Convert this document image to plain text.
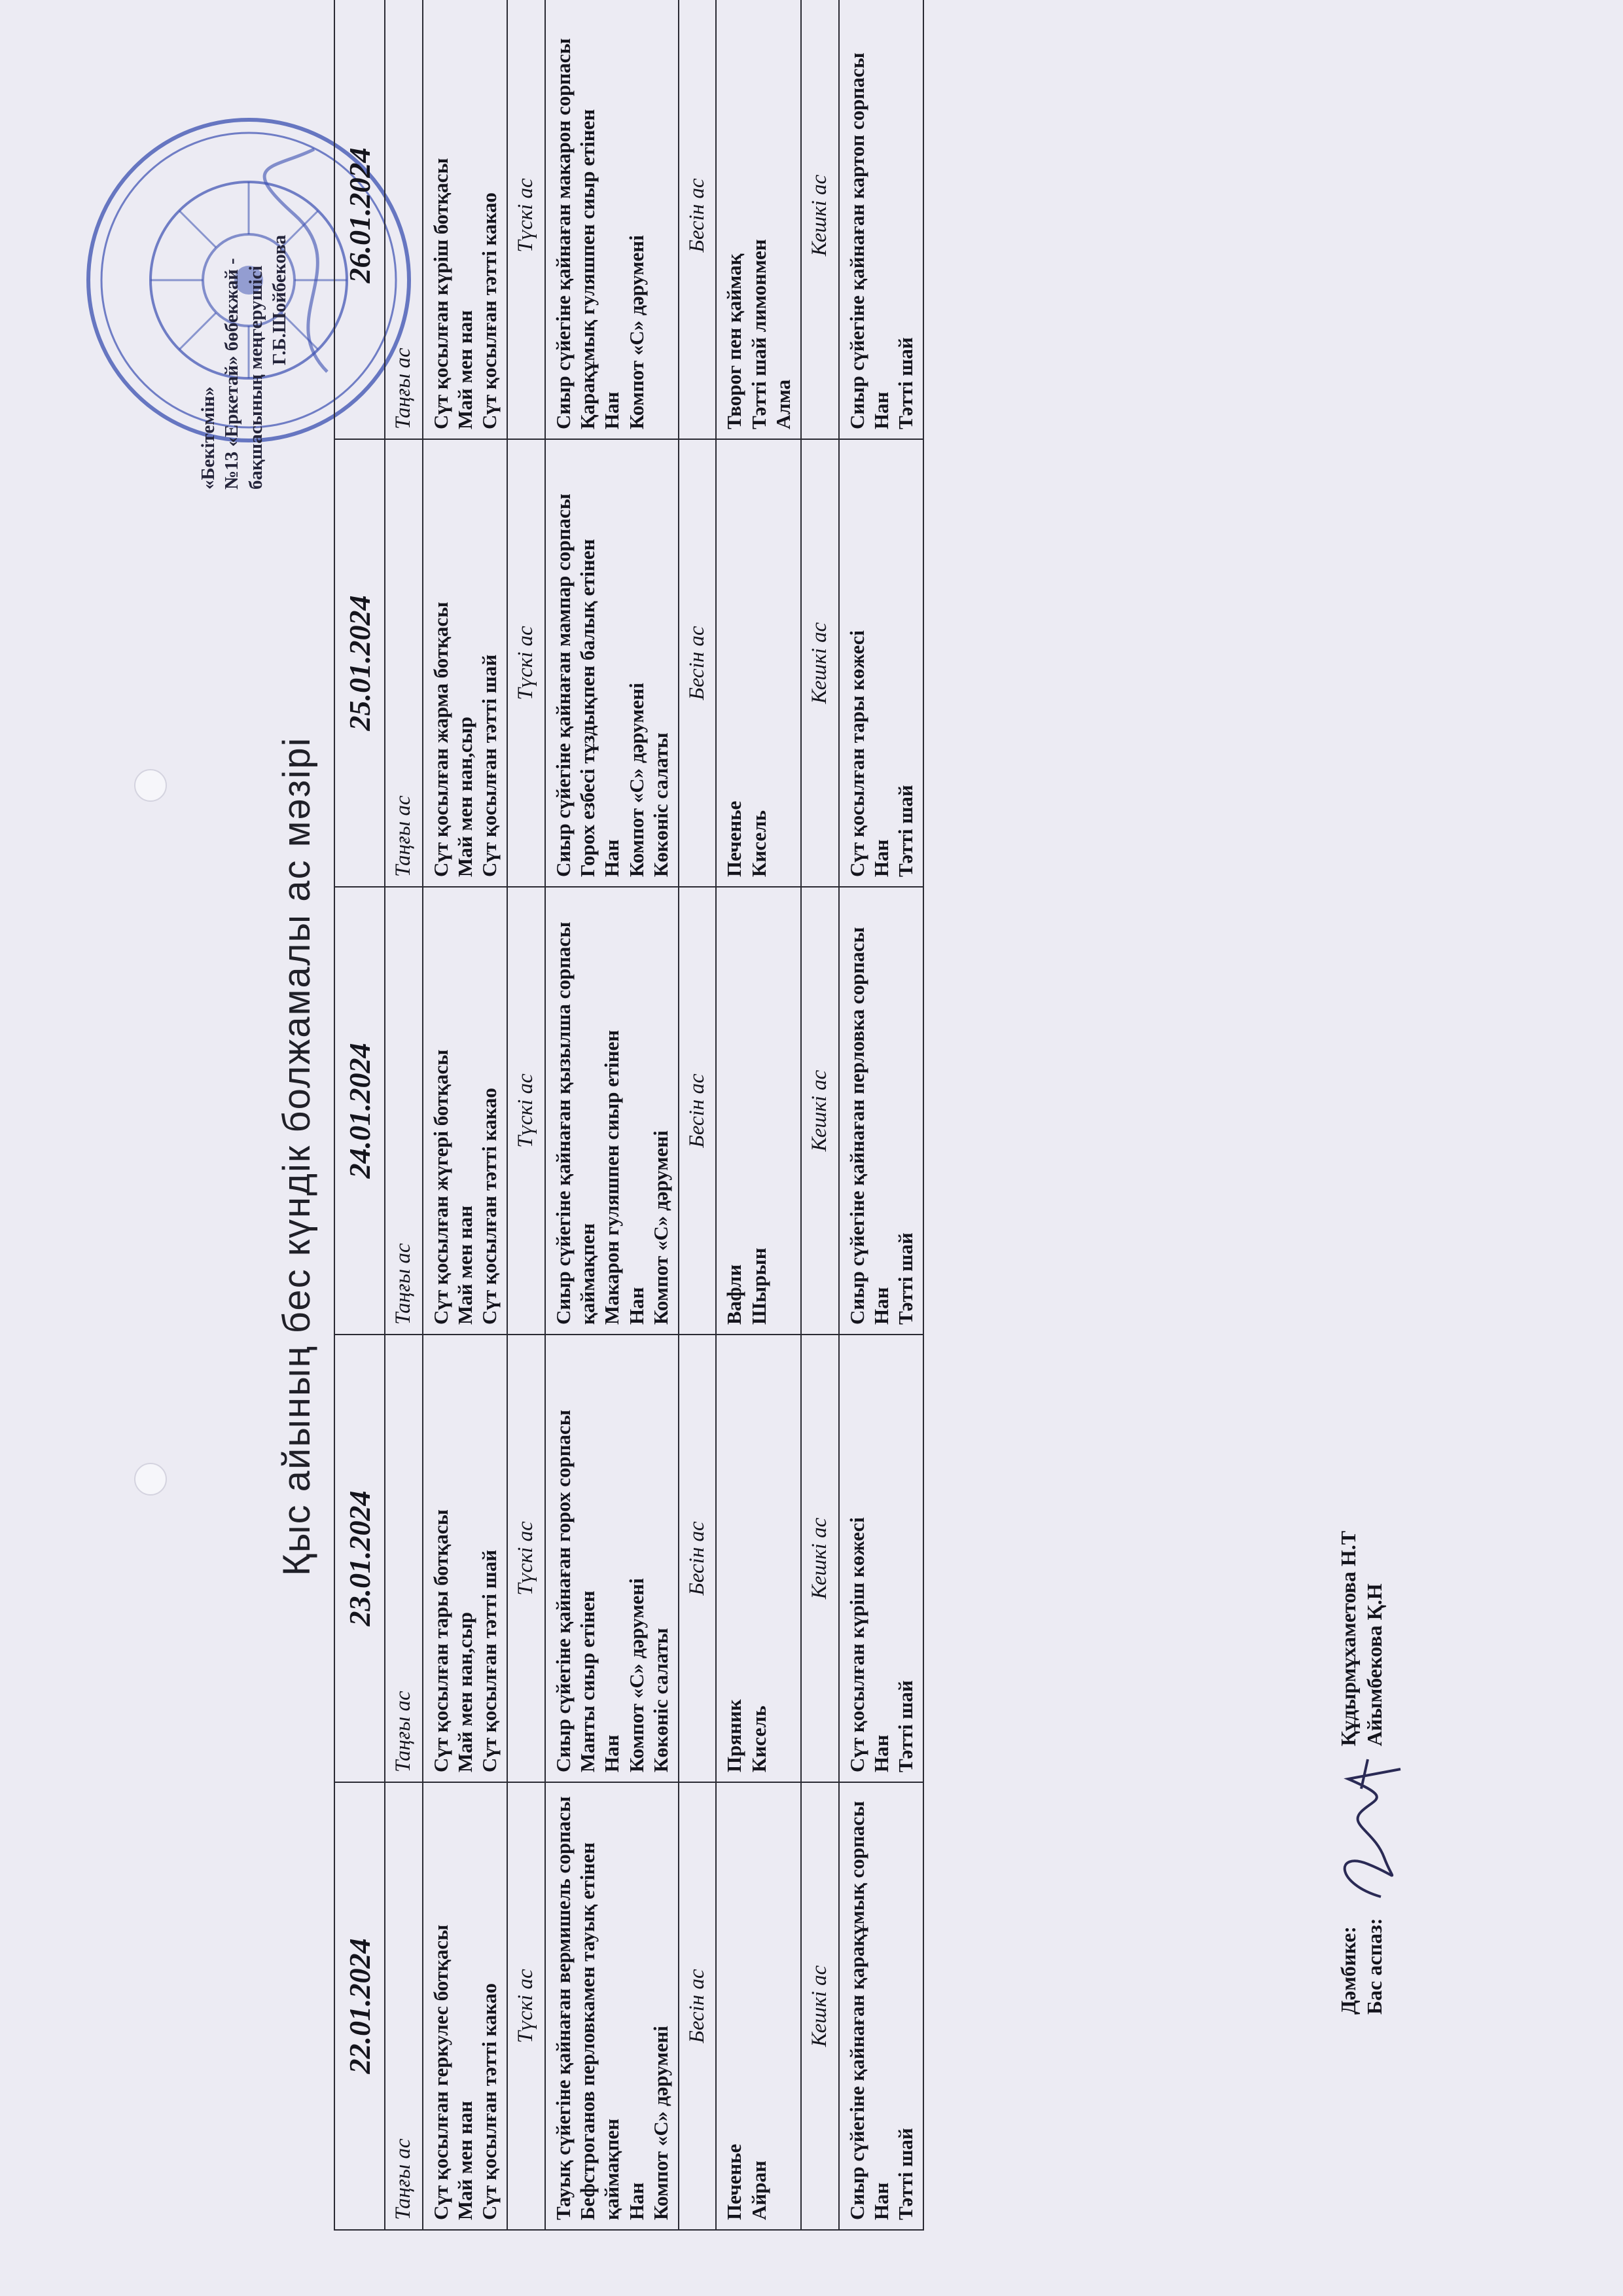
Қыс айының бес күндік болжамалы ас мәзірі
«Бекітемін» №13 «Еркетай» бөбекжай - бақшасының меңгерушісі Г.Б.Шойбекова
22.01.2024	23.01.2024	24.01.2024	25.01.2024	26.01.2024
Таңғы ас	Таңғы ас	Таңғы ас	Таңғы ас	Таңғы ас

Сүт қосылған геркулес ботқасы Май мен нан Сүт қосылған тәтті какао	Сүт қосылған тары ботқасы Май мен нан,сыр Сүт қосылған тәтті шай	Сүт қосылған жүгері ботқасы Май мен нан Сүт қосылған тәтті какао	Сүт қосылған жарма ботқасы Май мен нан,сыр Сүт қосылған тәтті шай	Сүт қосылған күріш ботқасы Май мен нан Сүт қосылған тәтті какао

Түскі ас	Түскі ас	Түскі ас	Түскі ас	Түскі ас

Тауық сүйегіне қайнаған вермишель сорпасы Бефстроганов перловкамен тауық етінен қаймақпен Нан Компот «С» дәрумені	Сиыр сүйегіне қайнаған горох сорпасы Манты сиыр етінен Нан Компот «С» дәрумені Көкөніс салаты	Сиыр сүйегіне қайнаған қызылша сорпасы қаймақпен Макарон гуляшпен сиыр етінен Нан Компот «С» дәрумені	Сиыр сүйегіне қайнаған мампар сорпасы Горох езбесі тұздықпен балық етінен Нан Компот «С» дәрумені Көкөніс салаты	Сиыр сүйегіне қайнаған макарон сорпасы Қарақұмық гуляшпен сиыр етінен Нан Компот «С» дәрумені

Бесін ас	Бесін ас	Бесін ас	Бесін ас	Бесін ас

Печенье Айран	Пряник Кисель	Вафли Шырын	Печенье Кисель	Творог пен қаймақ Тәтті шай лимонмен Алма

Кешкі ас	Кешкі ас	Кешкі ас	Кешкі ас	Кешкі ас

Сиыр сүйегіне қайнаған қарақұмық сорпасы Нан Тәтті шай	Сүт қосылған күріш көжесі Нан Тәтті шай	Сиыр сүйегіне қайнаған перловка сорпасы Нан Тәтті шай	Сүт қосылған тары көжесі Нан Тәтті шай	Сиыр сүйегіне қайнаған картоп сорпасы Нан Тәтті шай
Дәмбике:
Құдырмұхаметова Н.Т
Бас аспаз:
Айымбекова Қ.Н
